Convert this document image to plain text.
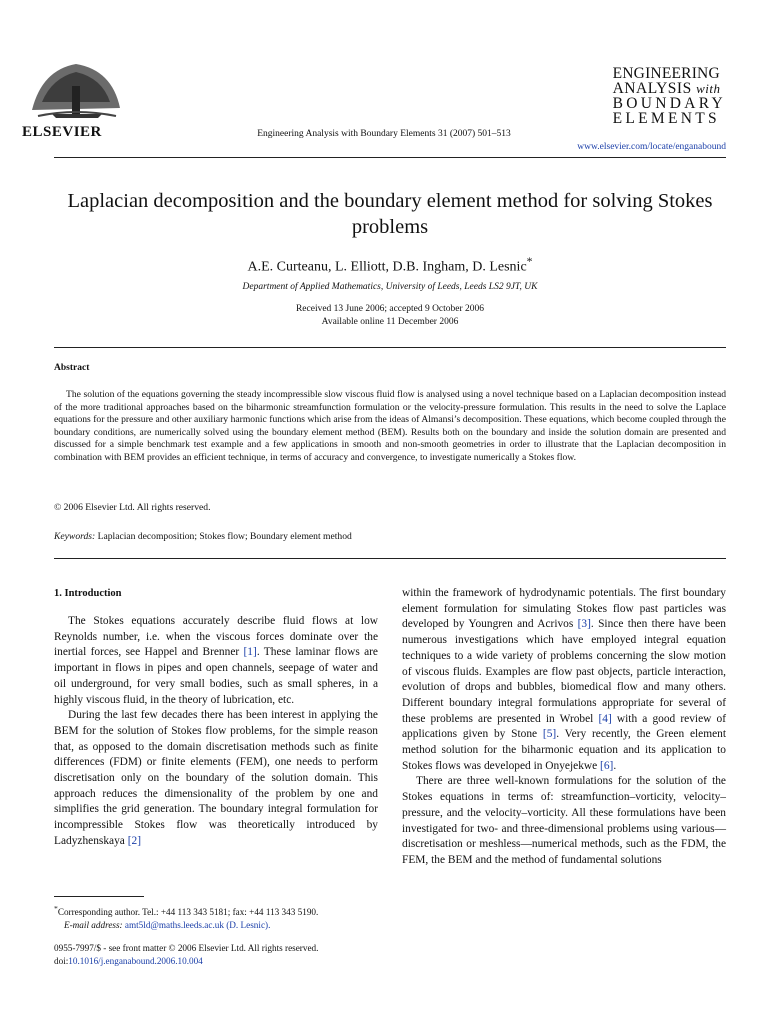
ELSEVIER	Engineering Analysis with Boundary Elements 31 (2007) 501–513
ENGINEERING
ANALYSIS with
BOUNDARY
ELEMENTS
www.elsevier.com/locate/enganabound
Laplacian decomposition and the boundary element method for solving Stokes problems
A.E. Curteanu, L. Elliott, D.B. Ingham, D. Lesnic*
Department of Applied Mathematics, University of Leeds, Leeds LS2 9JT, UK
Received 13 June 2006; accepted 9 October 2006
Available online 11 December 2006
Abstract

The solution of the equations governing the steady incompressible slow viscous fluid flow is analysed using a novel technique based on a Laplacian decomposition instead of the more traditional approaches based on the biharmonic streamfunction formulation or the velocity-pressure formulation. This results in the need to solve the Laplace equations for the pressure and other auxiliary harmonic functions which arise from the ideas of Almansi’s decomposition. These equations, which become coupled through the boundary conditions, are numerically solved using the boundary element method (BEM). Results both on the boundary and inside the solution domain are presented and discussed for a simple benchmark test example and a few applications in smooth and non-smooth geometries in order to illustrate that the Laplacian decomposition in combination with BEM provides an efficient technique, in terms of accuracy and convergence, to investigate numerically a Stokes flow.

© 2006 Elsevier Ltd. All rights reserved.
Keywords: Laplacian decomposition; Stokes flow; Boundary element method
1. Introduction

The Stokes equations accurately describe fluid flows at low Reynolds number, i.e. when the viscous forces dominate over the inertial forces, see Happel and Brenner [1]. These laminar flows are important in flows in pipes and open channels, seepage of water and oil underground, for very small bodies, such as small spheres, in a highly viscous fluid, in the theory of lubrication, etc.

During the last few decades there has been interest in applying the BEM for the solution of Stokes flow problems, for the simple reason that, as opposed to the domain discretisation methods such as finite differences (FDM) or finite elements (FEM), one needs to perform discretisation only on the boundary of the solution domain. This approach reduces the dimensionality of the problem by one and simplifies the grid generation. The boundary integral formulation for incompressible Stokes flow was theoretically introduced by Ladyzhenskaya [2]

within the framework of hydrodynamic potentials. The first boundary element formulation for simulating Stokes flow past particles was developed by Youngren and Acrivos [3]. Since then there have been numerous investigations which have employed integral equation techniques to a wide variety of problems concerning the slow motion of viscous fluids. Examples are flow past objects, particle interaction, evolution of drops and bubbles, biomedical flow and many others. Different boundary integral formulations appropriate for several of these problems are presented in Wrobel [4] with a good review of applications given by Stone [5]. Very recently, the Green element method solution for the biharmonic equation and its application to Stokes flows was developed in Onyejekwe [6].

There are three well-known formulations for the solution of the Stokes equations in terms of: streamfunction–vorticity, velocity–pressure, and the velocity–vorticity. All these formulations have been investigated for two- and three-dimensional problems using various—discretisation or meshless—numerical methods, such as the FDM, the FEM, the BEM and the method of fundamental solutions

*Corresponding author. Tel.: +44 113 343 5181; fax: +44 113 343 5190.
E-mail address: amt5ld@maths.leeds.ac.uk (D. Lesnic).
0955-7997/$ - see front matter © 2006 Elsevier Ltd. All rights reserved.
doi:10.1016/j.enganabound.2006.10.004
